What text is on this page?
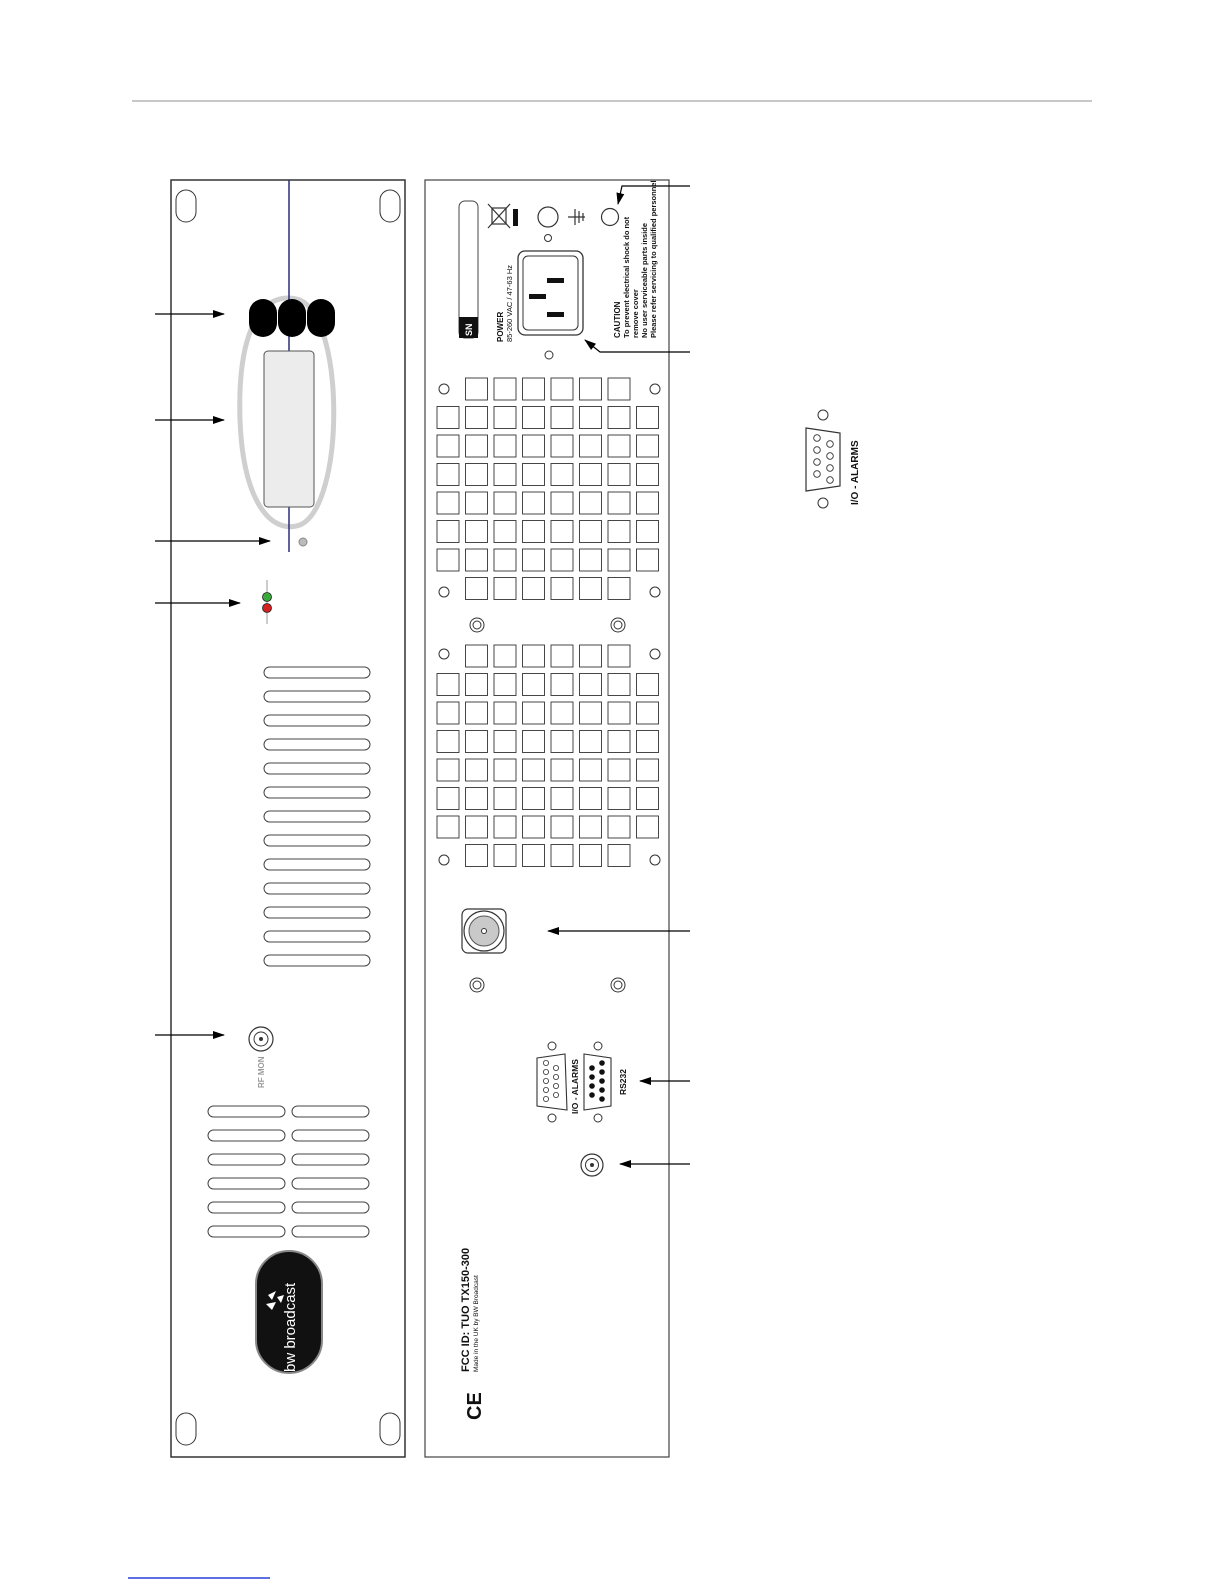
RF MON
bw broadcast
SN	POWER 85-260 VAC / 47-63 Hz	CAUTION To prevent electrical shock do not remove cover No user serviceable parts inside Please refer servicing to qualified personnel
I/O - ALARMS	RS232
FCC ID: TUO TX150-300 Made in the UK by BW Broadcast
CE
I/O - ALARMS
